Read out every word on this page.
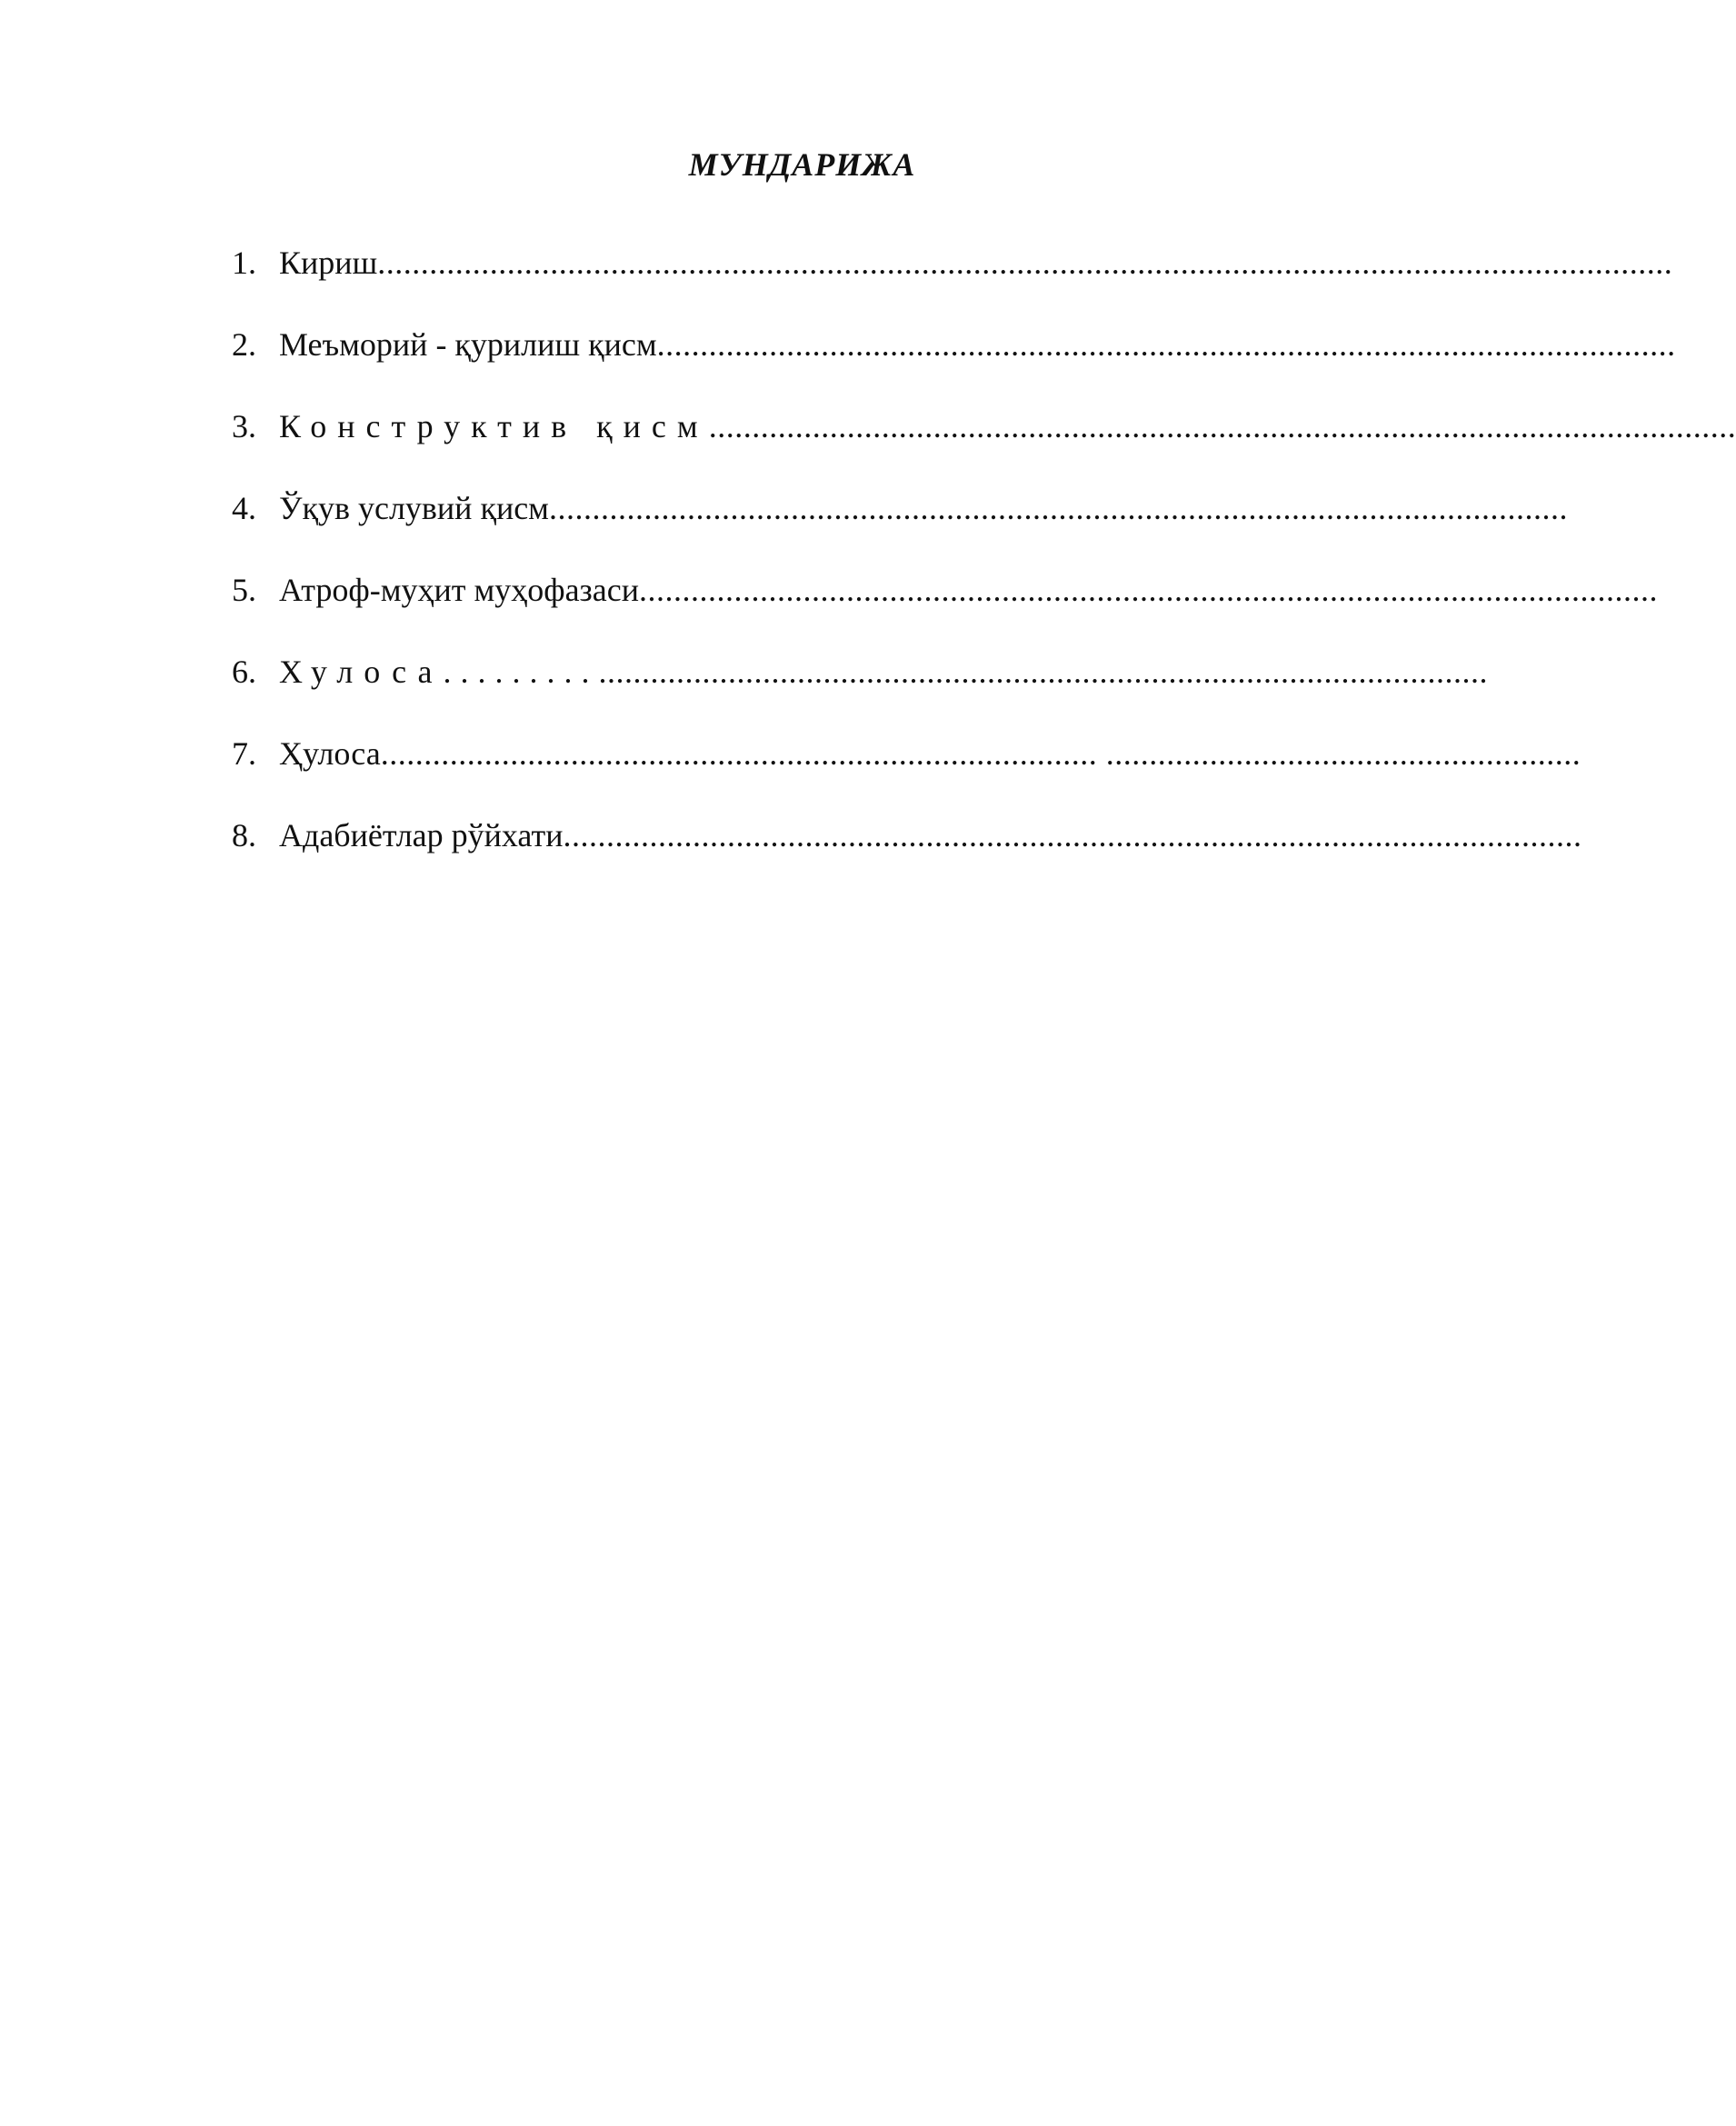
МУНДАРИЖА
1. Кириш ......................................................................................................................................................
2. Меъморий - қурилиш қисм ......................................................................................................................
3. Конструктив қисм .......................................................................................................................
4. Ўқув услувий қисм ......................................................................................................................
5. Атроф-муҳит муҳофазаси ......................................................................................................................
6. Хулоса . . . . . . . . . .......................................................................................................
7. Ҳулоса ................................................................................... .......................................................
8. Адабиётлар рўйхати ......................................................................................................................
